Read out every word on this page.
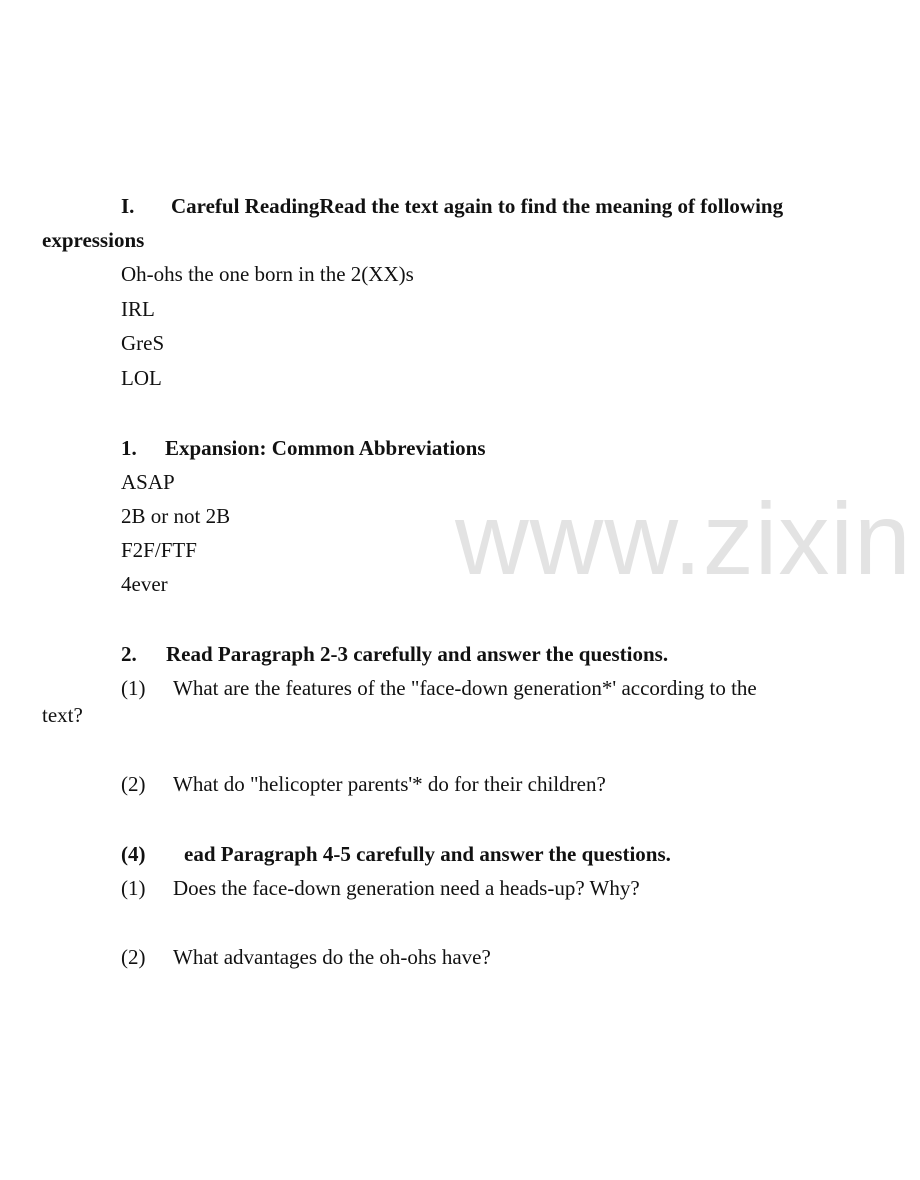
www.zixin
I. Careful ReadingRead the text again to find the meaning of following
expressions
Oh-ohs the one born in the 2(XX)s
IRL
GreS
LOL
1. Expansion: Common Abbreviations
ASAP
2B or not 2B
F2F/FTF
4ever
2. Read Paragraph 2-3 carefully and answer the questions.
(1) What are the features of the "face-down generation*' according to the
text?
(2) What do "helicopter parents'* do for their children?
(4) ead Paragraph 4-5 carefully and answer the questions.
(1) Does the face-down generation need a heads-up? Why?
(2) What advantages do the oh-ohs have?
